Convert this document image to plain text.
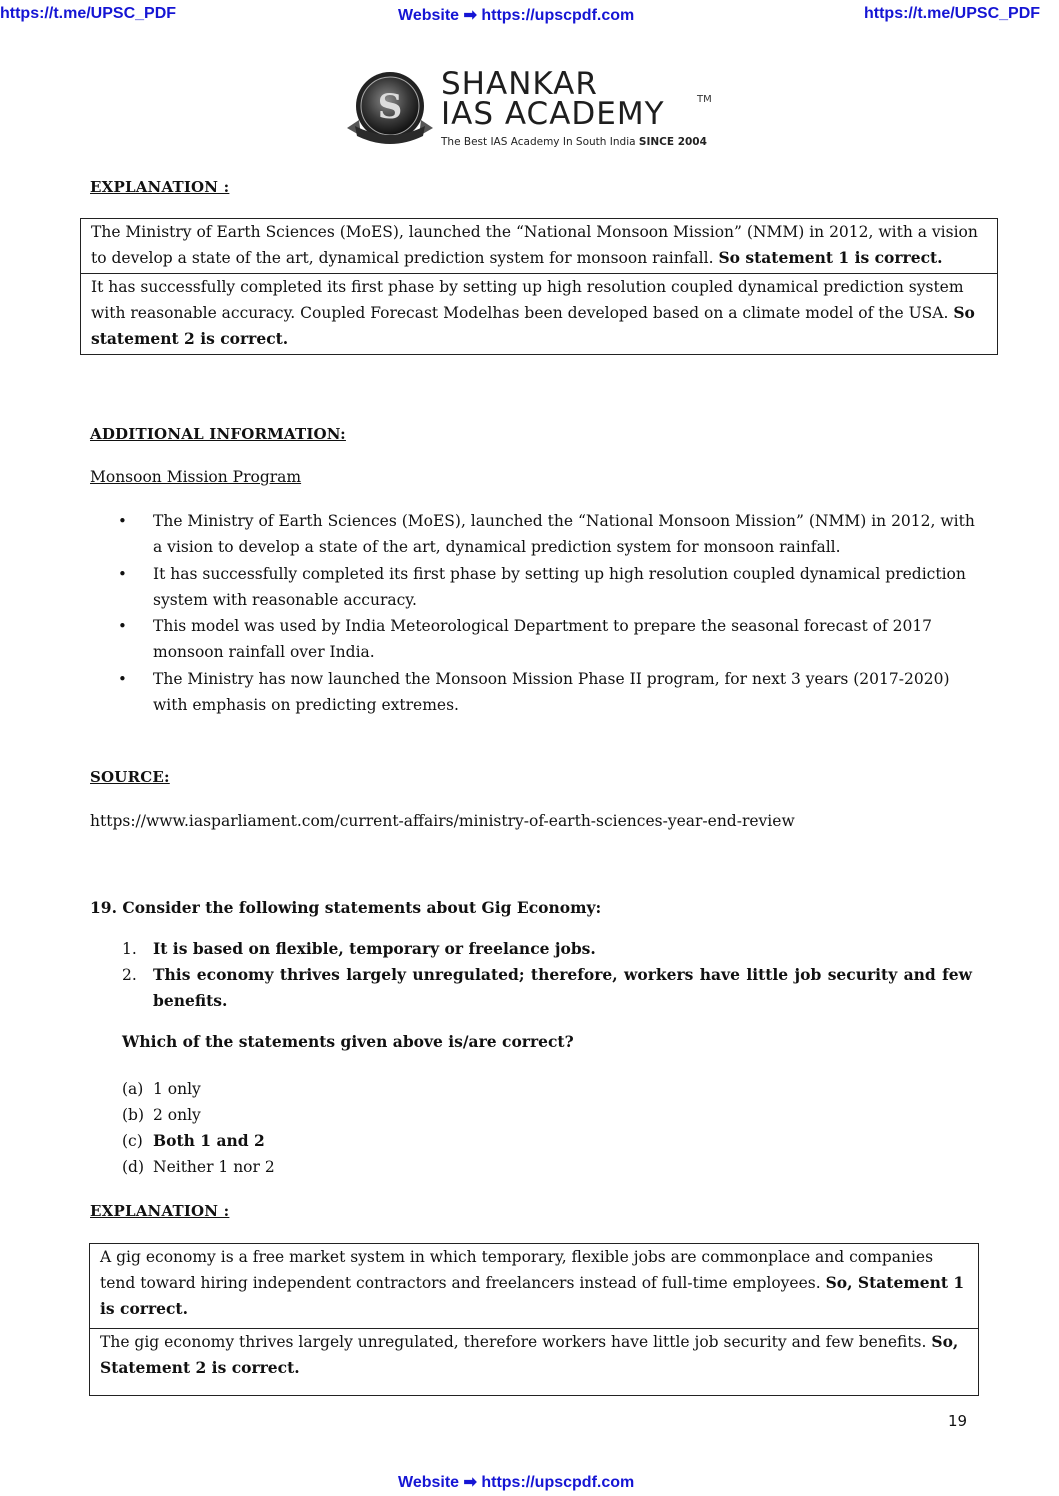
https://t.me/UPSC_PDF	Website ➡ https://upscpdf.com	https://t.me/UPSC_PDF
S
SHANKAR
IAS ACADEMY	TM
The Best IAS Academy In South India SINCE 2004
EXPLANATION :
The Ministry of Earth Sciences (MoES), launched the “National Monsoon Mission” (NMM) in 2012, with a vision to develop a state of the art, dynamical prediction system for monsoon rainfall. So statement 1 is correct.
It has successfully completed its first phase by setting up high resolution coupled dynamical prediction system with reasonable accuracy. Coupled Forecast Modelhas been developed based on a climate model of the USA. So statement 2 is correct.
ADDITIONAL INFORMATION:
Monsoon Mission Program
• The Ministry of Earth Sciences (MoES), launched the “National Monsoon Mission” (NMM) in 2012, with a vision to develop a state of the art, dynamical prediction system for monsoon rainfall.
• It has successfully completed its first phase by setting up high resolution coupled dynamical prediction system with reasonable accuracy.
• This model was used by India Meteorological Department to prepare the seasonal forecast of 2017 monsoon rainfall over India.
• The Ministry has now launched the Monsoon Mission Phase II program, for next 3 years (2017-2020) with emphasis on predicting extremes.
SOURCE:
https://www.iasparliament.com/current-affairs/ministry-of-earth-sciences-year-end-review
19. Consider the following statements about Gig Economy:
1. It is based on flexible, temporary or freelance jobs.
2. This economy thrives largely unregulated; therefore, workers have little job security and few benefits.
Which of the statements given above is/are correct?
(a) 1 only
(b) 2 only
(c) Both 1 and 2
(d) Neither 1 nor 2
EXPLANATION :
A gig economy is a free market system in which temporary, flexible jobs are commonplace and companies tend toward hiring independent contractors and freelancers instead of full-time employees. So, Statement 1 is correct.
The gig economy thrives largely unregulated, therefore workers have little job security and few benefits. So, Statement 2 is correct.
19
Website ➡ https://upscpdf.com
